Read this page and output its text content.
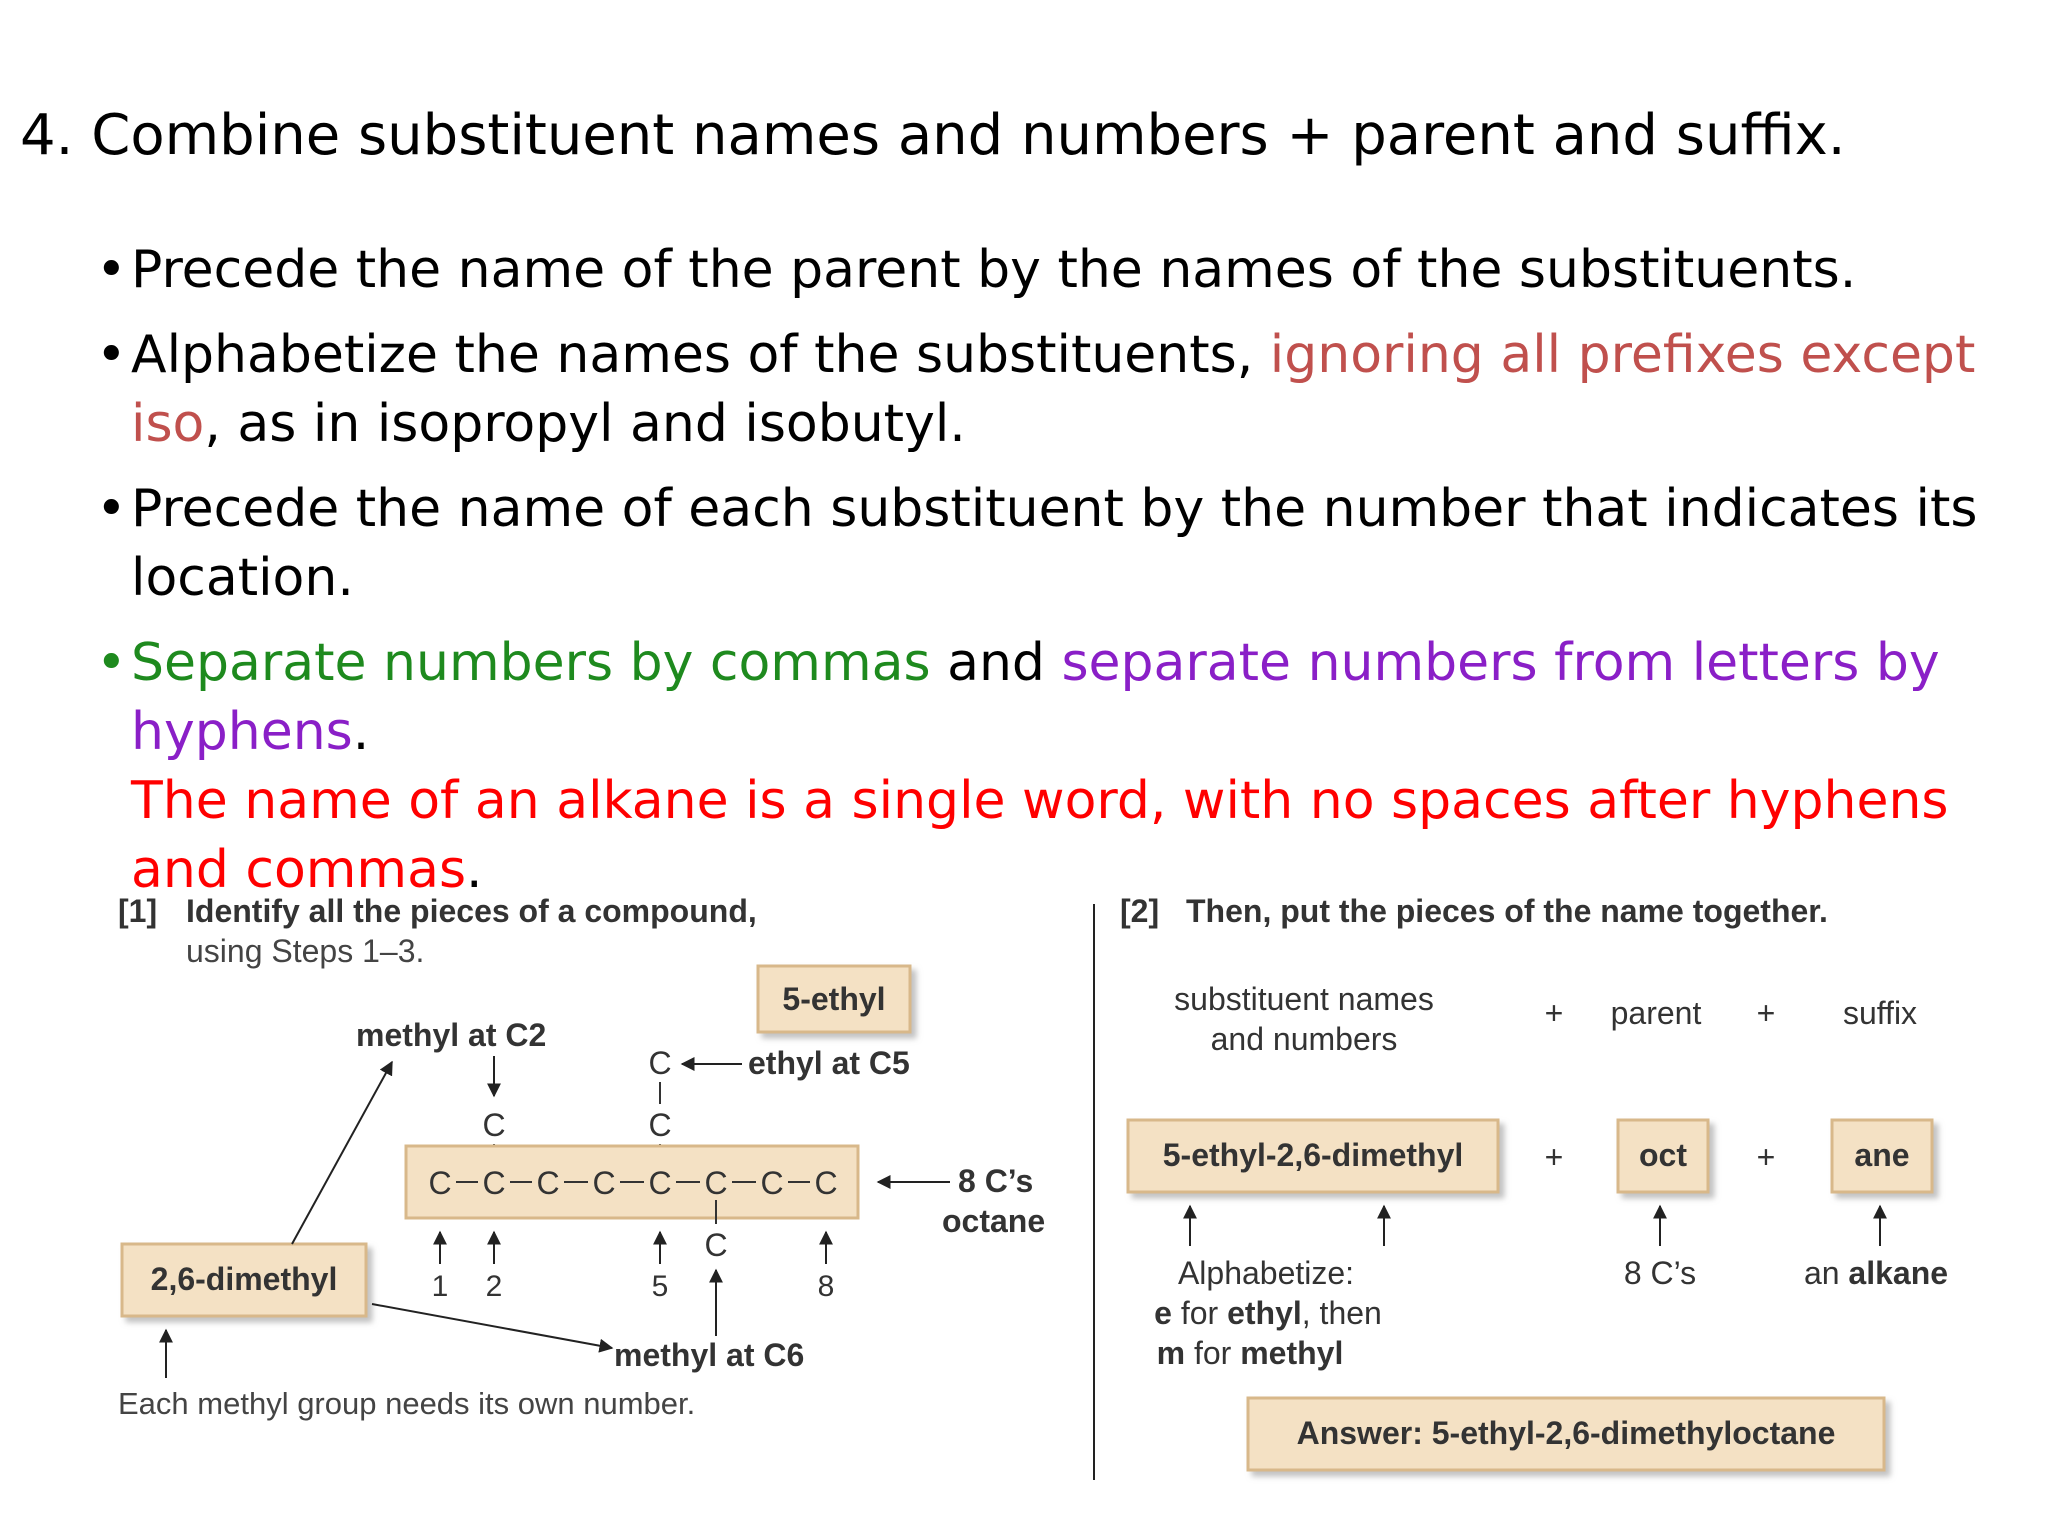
4. Combine substituent names and numbers + parent and suffix.
• Precede the name of the parent by the names of the substituents.
• Alphabetize the names of the substituents, ignoring all prefixes except iso, as in isopropyl and isobutyl.
• Precede the name of each substituent by the number that indicates its location.
• Separate numbers by commas and separate numbers from letters by hyphens.
The name of an alkane is a single word, with no spaces after hyphens and commas.
[1] Identify all the pieces of a compound,
using Steps 1–3.
5-ethyl
methyl at C2
C ethyl at C5
C
C
C C C C C C C C
C
8 C’s
octane
1 2	5	8
2,6-dimethyl
methyl at C6
Each methyl group needs its own number.
[2] Then, put the pieces of the name together.
substituent names
and numbers
+ parent + suffix
5-ethyl-2,6-dimethyl	+ oct + ane
Alphabetize:
e for ethyl, then
m for methyl
8 C’s	an alkane
Answer: 5-ethyl-2,6-dimethyloctane
